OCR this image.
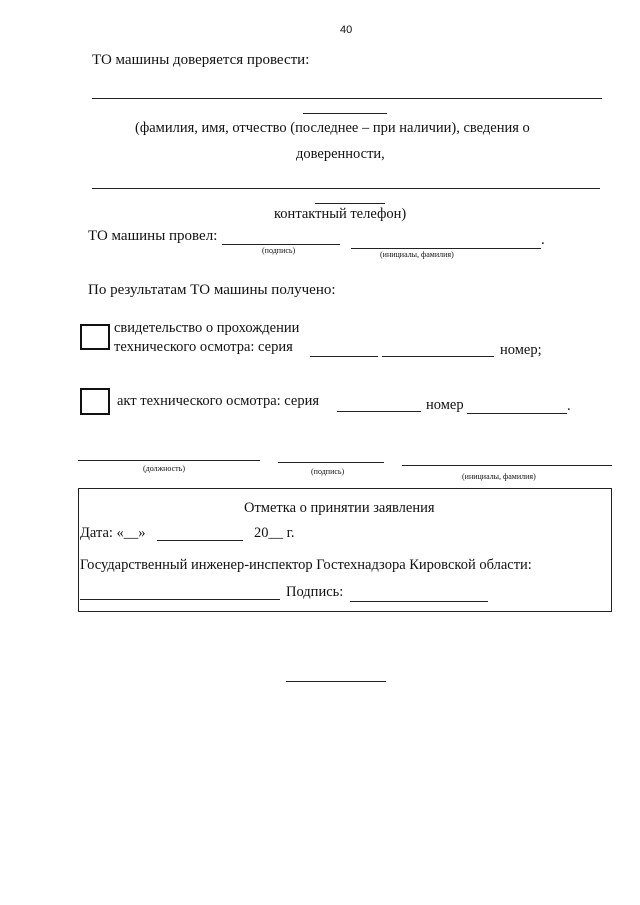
40
ТО машины доверяется провести:
(фамилия, имя, отчество (последнее – при наличии), сведения о
доверенности,
контактный телефон)
ТО машины провел:	.
(подпись)	(инициалы, фамилия)
По результатам ТО машины получено:
свидетельство о прохождении
технического осмотра: серия	номер;
акт технического осмотра: серия	номер	.
(должность)	(подпись)
(инициалы, фамилия)
Отметка о принятии заявления
Дата: «__»	20__ г.
Государственный инженер-инспектор Гостехнадзора Кировской области:
Подпись:
